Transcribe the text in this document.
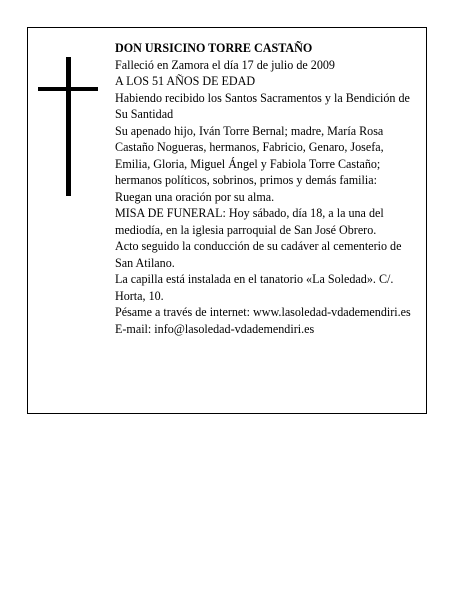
DON URSICINO TORRE CASTAÑO

Falleció en Zamora el día 17 de julio de 2009

A LOS 51 AÑOS DE EDAD

Habiendo recibido los Santos Sacramentos y la Bendición de Su Santidad

Su apenado hijo, Iván Torre Bernal; madre, María Rosa Castaño Nogueras, hermanos, Fabricio, Genaro, Josefa, Emilia, Gloria, Miguel Ángel y Fabiola Torre Castaño; hermanos políticos, sobrinos, primos y demás familia:

Ruegan una oración por su alma.

MISA DE FUNERAL: Hoy sábado, día 18, a la una del mediodía, en la iglesia parroquial de San José Obrero.

Acto seguido la conducción de su cadáver al cementerio de San Atilano.

La capilla está instalada en el tanatorio «La Soledad». C/. Horta, 10.

Pésame a través de internet: www.lasoledad-vdademendiri.es

E-mail: info@lasoledad-vdademendiri.es
